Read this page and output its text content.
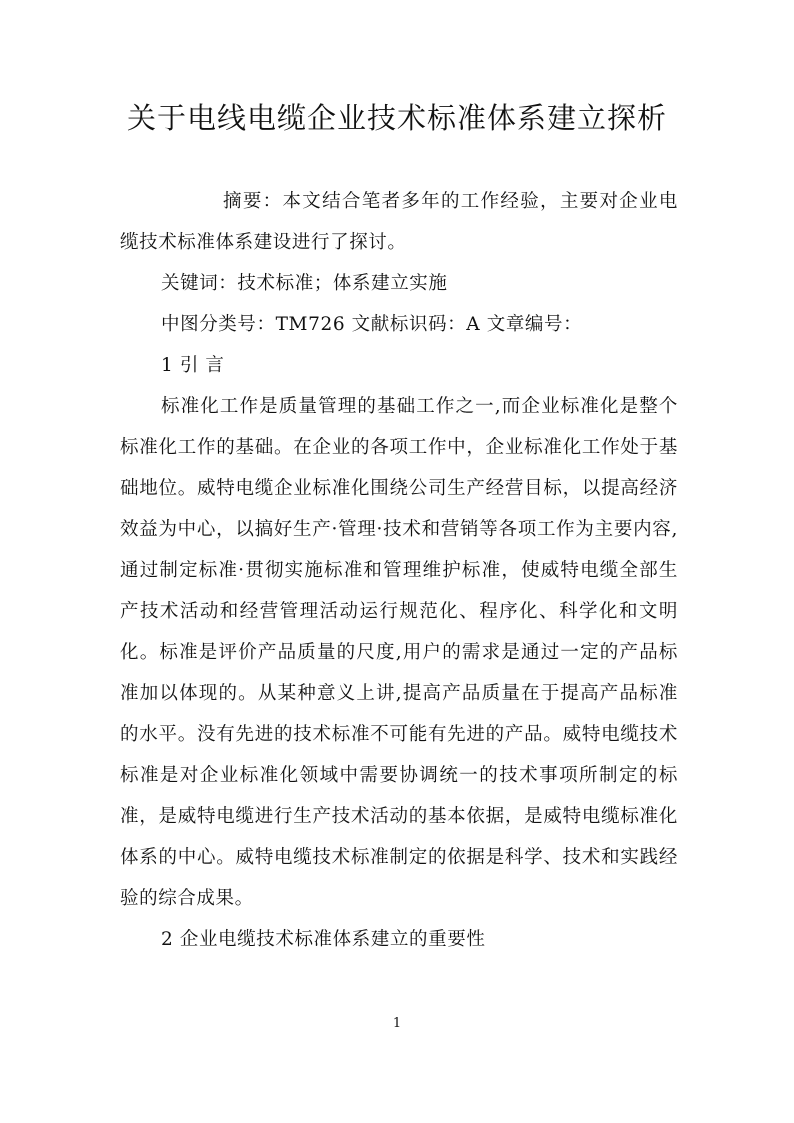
关于电线电缆企业技术标准体系建立探析

摘要：本文结合笔者多年的工作经验，主要对企业电缆技术标准体系建设进行了探讨。

关键词：技术标准；体系建立实施

中图分类号：TM726 文献标识码：A 文章编号：

1 引 言

标准化工作是质量管理的基础工作之一,而企业标准化是整个标准化工作的基础。在企业的各项工作中，企业标准化工作处于基础地位。威特电缆企业标准化围绕公司生产经营目标，以提高经济效益为中心，以搞好生产·管理·技术和营销等各项工作为主要内容,通过制定标准·贯彻实施标准和管理维护标准，使威特电缆全部生产技术活动和经营管理活动运行规范化、程序化、科学化和文明化。标准是评价产品质量的尺度,用户的需求是通过一定的产品标准加以体现的。从某种意义上讲,提高产品质量在于提高产品标准的水平。没有先进的技术标准不可能有先进的产品。威特电缆技术标准是对企业标准化领域中需要协调统一的技术事项所制定的标准，是威特电缆进行生产技术活动的基本依据，是威特电缆标准化体系的中心。威特电缆技术标准制定的依据是科学、技术和实践经验的综合成果。

2 企业电缆技术标准体系建立的重要性

1
